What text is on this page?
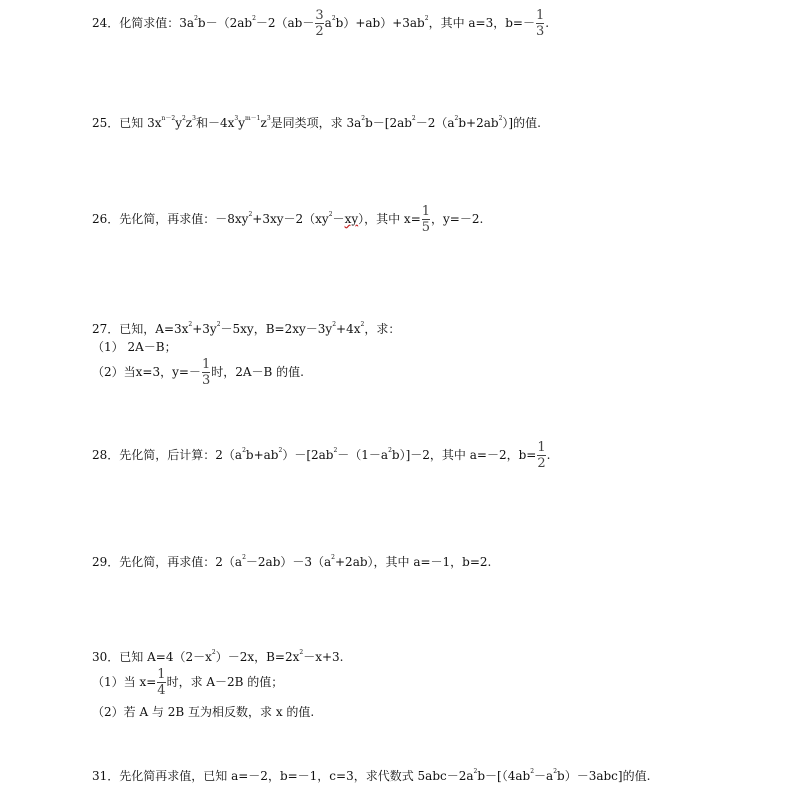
24．化简求值：$3a^2b-(2ab^2-2(ab- \frac{3}{2} a^2b)+ab)+3ab^2$，其中 a=3，$b=- \frac{1}{3}$ .
25．已知 $3x^{n-2}y^2z^3$和$-4x^3y^{m-1}z^3$是同类项，求 $3a^2b-[2ab^2-2(a^2b+2ab^2)]$的值.
26．先化简，再求值：$-8xy^2+3xy-2(xy^2-xy)$，其中 $x= \frac{1}{5}$ ，y=－2.
27．已知，$A=3x^2+3y^2-5xy$，$B=2xy-3y^2+4x^2$，求：
（1） 2A－B；
（2）当x=3，$y=- \frac{1}{3}$ 时，2A－B 的值.
28．先化简，后计算：$2(a^2b+ab^2)-[2ab^2-(1-a^2b)]-2$，其中 a=－2，$b= \frac{1}{2}$ .
29．先化简，再求值：$2(a^2-2ab)-3(a^2+2ab)$，其中 a=－1，b=2.
30．已知 $A=4(2-x^2)-2x$，$B=2x^2-x+3$.
（1）当 $x= \frac{1}{4}$ 时，求 A－2B 的值；
（2）若 A 与 2B 互为相反数，求 x 的值.
31．先化简再求值，已知 a=－2，b=－1，c=3，求代数式 $5abc-2a^2b-[(4ab^2-a^2b)-3abc]$的值.
